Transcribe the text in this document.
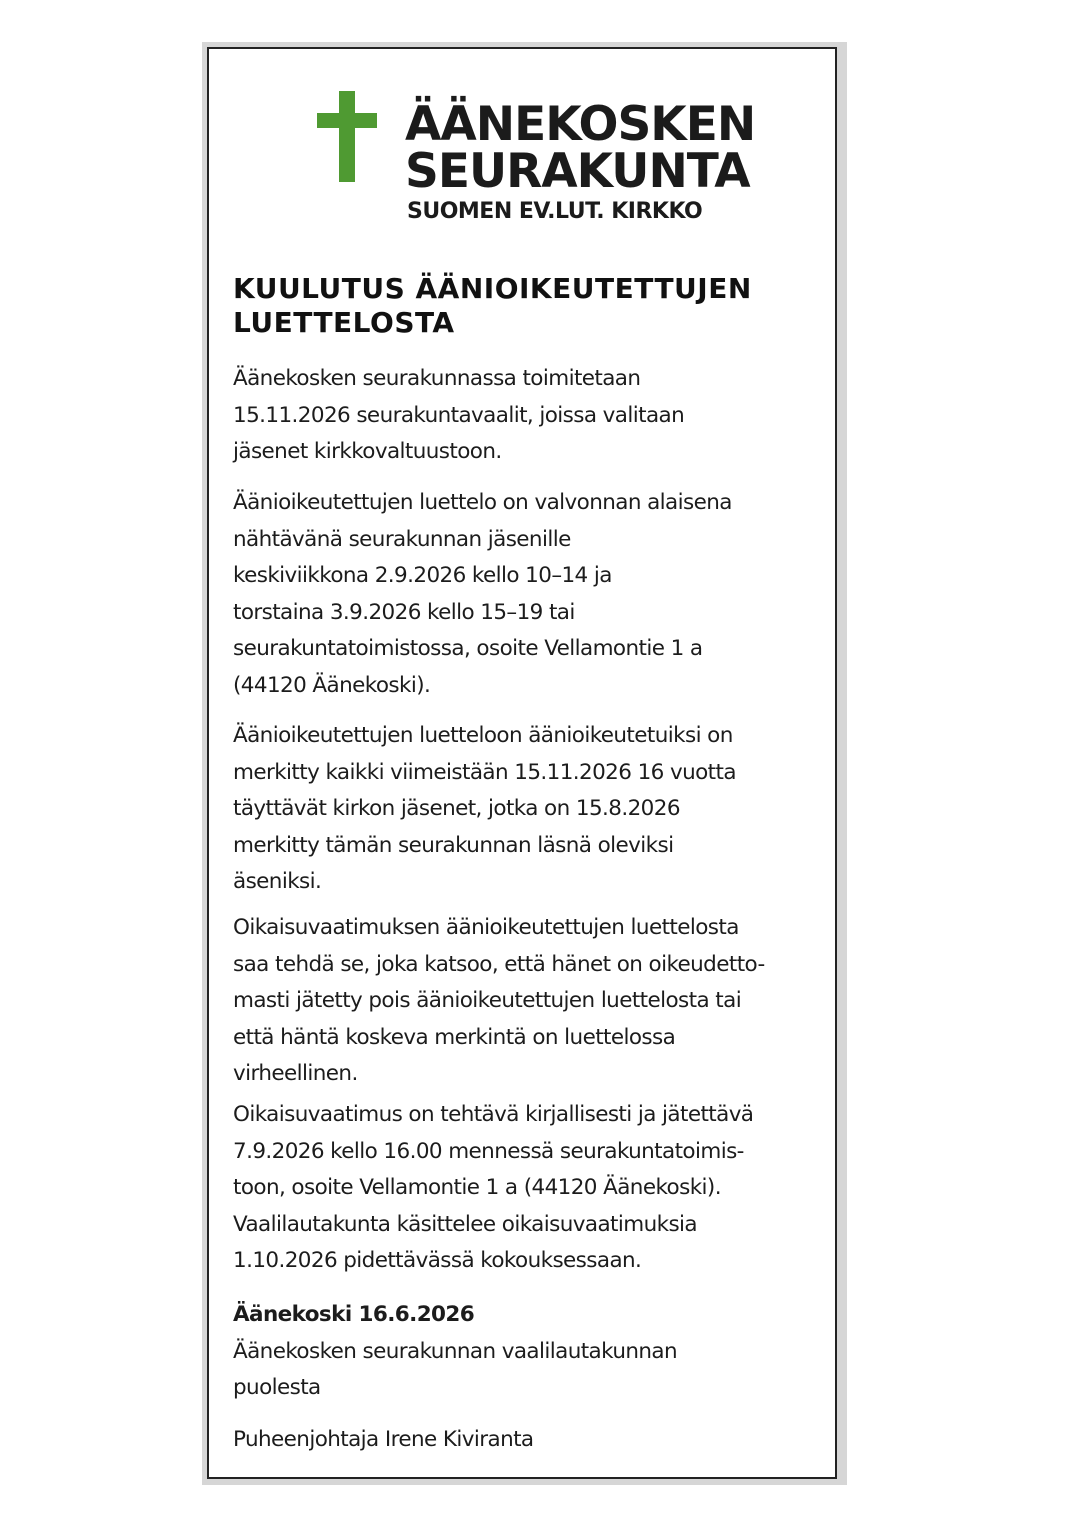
ÄÄNEKOSKEN
SEURAKUNTA
SUOMEN EV.LUT. KIRKKO
KUULUTUS ÄÄNIOIKEUTETTUJEN
LUETTELOSTA
Äänekosken seurakunnassa toimitetaan
15.11.2026 seurakuntavaalit, joissa valitaan
jäsenet kirkkovaltuustoon.
Äänioikeutettujen luettelo on valvonnan alaisena
nähtävänä seurakunnan jäsenille
keskiviikkona 2.9.2026 kello 10–14 ja
torstaina 3.9.2026 kello 15–19 tai
seurakuntatoimistossa, osoite Vellamontie 1 a
(44120 Äänekoski).
Äänioikeutettujen luetteloon äänioikeutetuiksi on
merkitty kaikki viimeistään 15.11.2026 16 vuotta
täyttävät kirkon jäsenet, jotka on 15.8.2026
merkitty tämän seurakunnan läsnä oleviksi
äseniksi.
Oikaisuvaatimuksen äänioikeutettujen luettelosta
saa tehdä se, joka katsoo, että hänet on oikeudetto-
masti jätetty pois äänioikeutettujen luettelosta tai
että häntä koskeva merkintä on luettelossa
virheellinen.
Oikaisuvaatimus on tehtävä kirjallisesti ja jätettävä
7.9.2026 kello 16.00 mennessä seurakuntatoimis-
toon, osoite Vellamontie 1 a (44120 Äänekoski).
Vaalilautakunta käsittelee oikaisuvaatimuksia
1.10.2026 pidettävässä kokouksessaan.
Äänekoski 16.6.2026
Äänekosken seurakunnan vaalilautakunnan
puolesta
Puheenjohtaja Irene Kiviranta
